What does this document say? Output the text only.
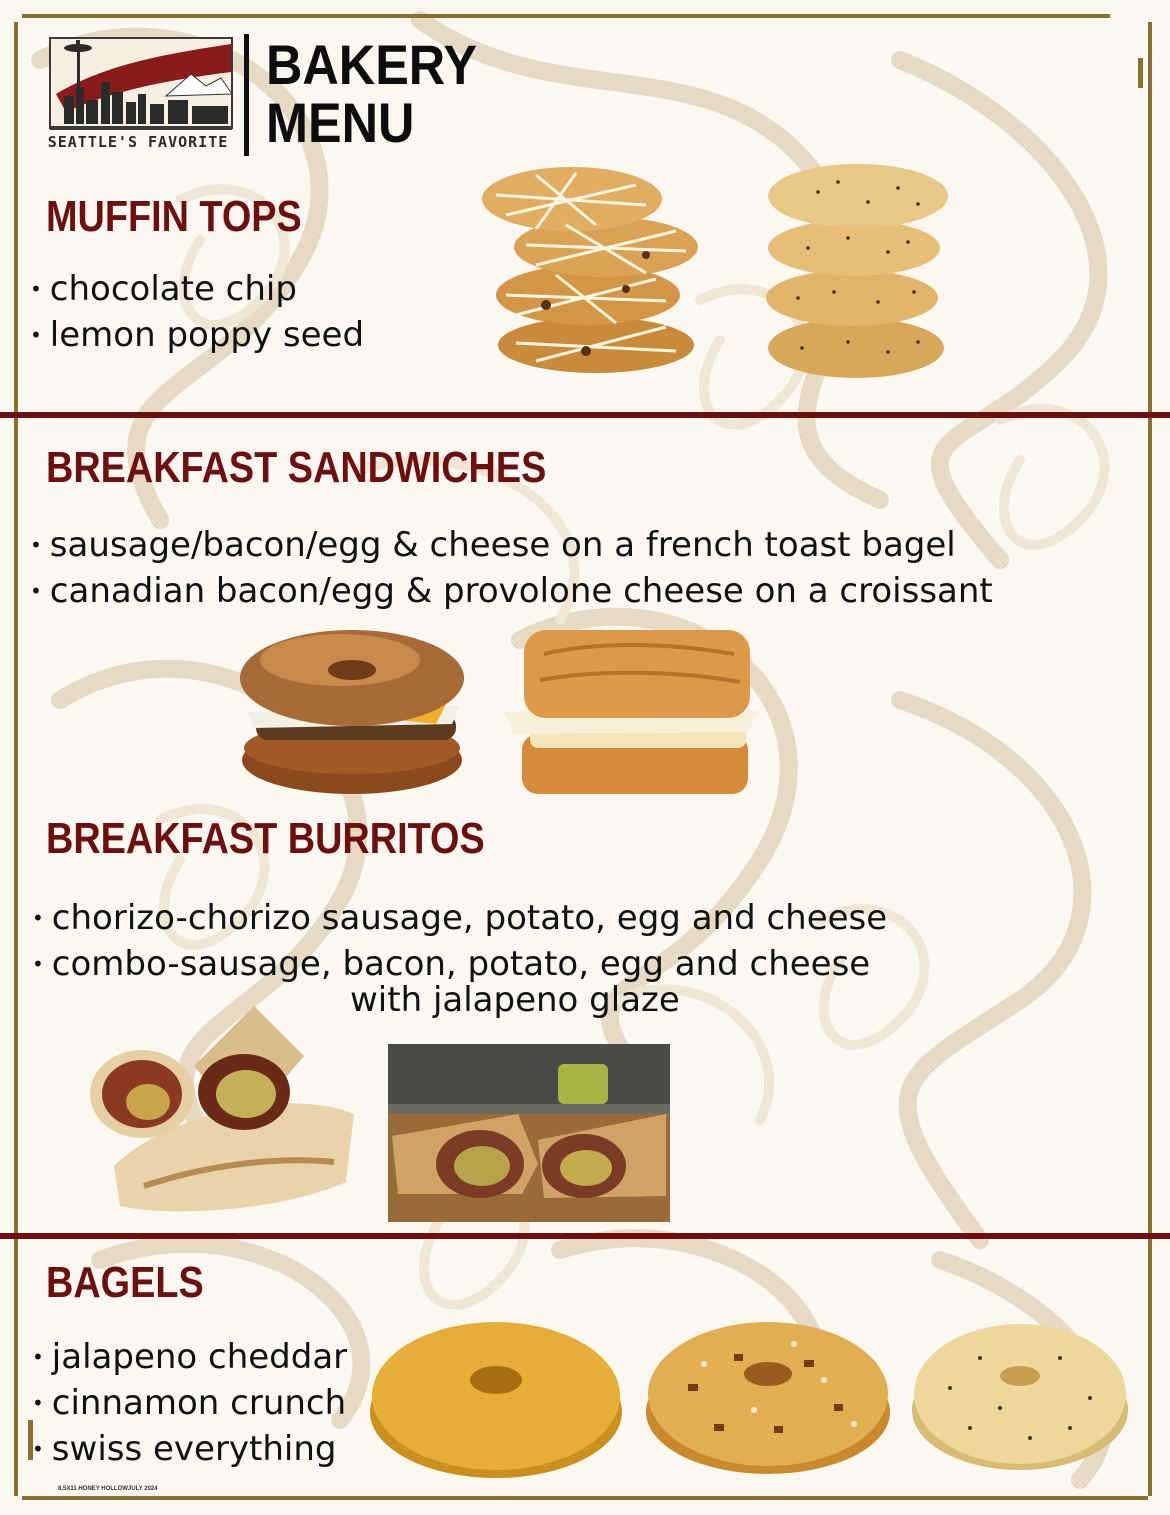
SEATTLE'S FAVORITE
BAKERY
MENU
MUFFIN TOPS
• chocolate chip
• lemon poppy seed
BREAKFAST SANDWICHES
• sausage/bacon/egg & cheese on a french toast bagel
• canadian bacon/egg & provolone cheese on a croissant
BREAKFAST BURRITOS
• chorizo-chorizo sausage, potato, egg and cheese
• combo-sausage, bacon, potato, egg and cheese
with jalapeno glaze
BAGELS
• jalapeno cheddar
• cinnamon crunch
• swiss everything
8.5X11 HONEY HOLLOWJULY 2024
